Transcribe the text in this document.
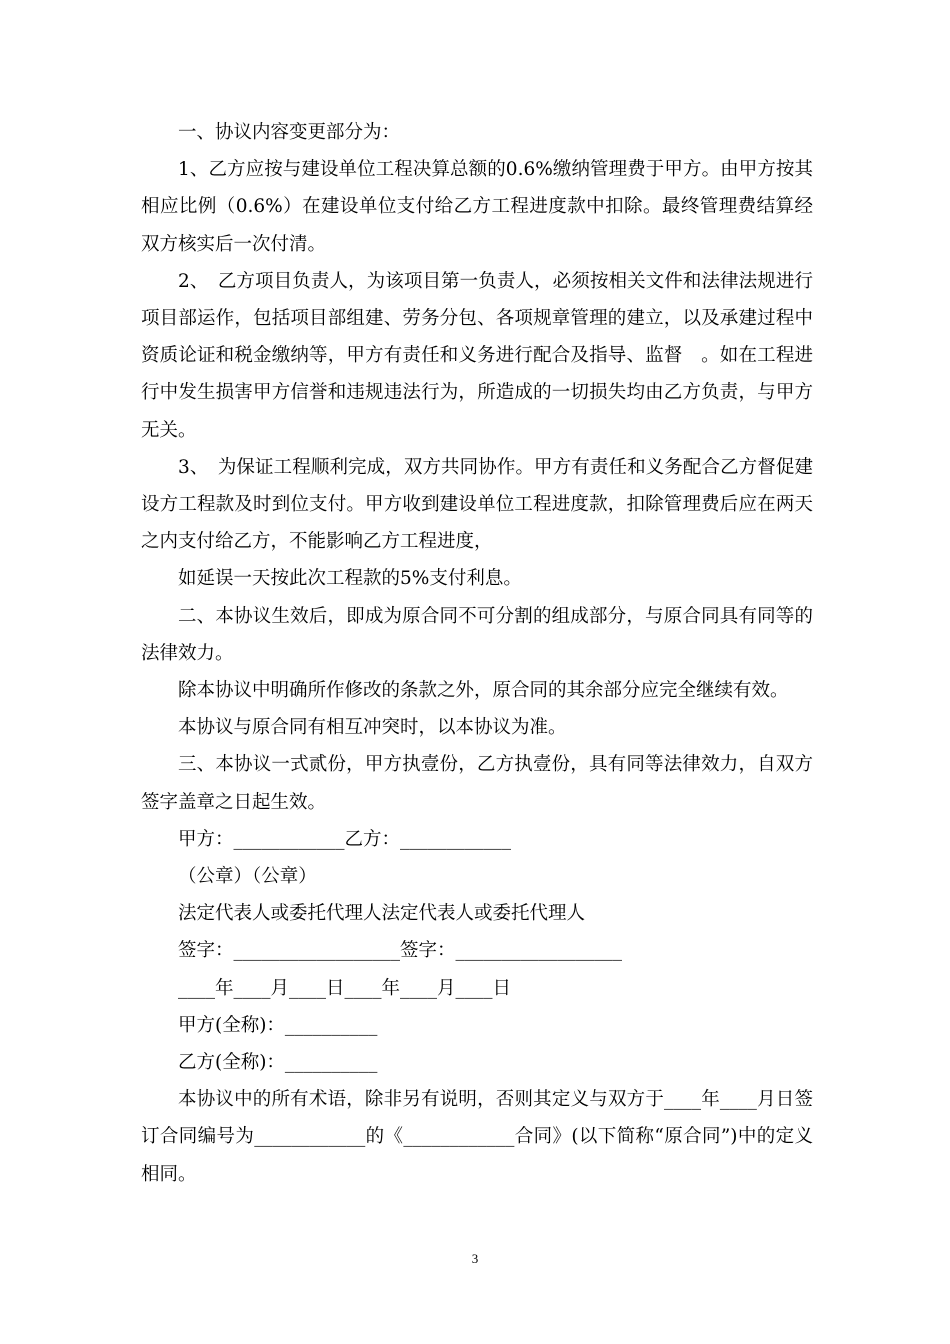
一、协议内容变更部分为：

1、乙方应按与建设单位工程决算总额的0.6%缴纳管理费于甲方。由甲方按其相应比例（0.6%）在建设单位支付给乙方工程进度款中扣除。最终管理费结算经双方核实后一次付清。

2、　乙方项目负责人，为该项目第一负责人，必须按相关文件和法律法规进行项目部运作，包括项目部组建、劳务分包、各项规章管理的建立，以及承建过程中资质论证和税金缴纳等，甲方有责任和义务进行配合及指导、监督　。如在工程进行中发生损害甲方信誉和违规违法行为，所造成的一切损失均由乙方负责，与甲方无关。

3、　为保证工程顺利完成，双方共同协作。甲方有责任和义务配合乙方督促建设方工程款及时到位支付。甲方收到建设单位工程进度款，扣除管理费后应在两天之内支付给乙方，不能影响乙方工程进度，

如延误一天按此次工程款的5%支付利息。

二、本协议生效后，即成为原合同不可分割的组成部分，与原合同具有同等的法律效力。

除本协议中明确所作修改的条款之外，原合同的其余部分应完全继续有效。

本协议与原合同有相互冲突时，以本协议为准。

三、本协议一式贰份，甲方执壹份，乙方执壹份，具有同等法律效力，自双方签字盖章之日起生效。

甲方：____________乙方：____________

（公章）（公章）

法定代表人或委托代理人法定代表人或委托代理人

签字：__________________签字：__________________

____年____月____日____年____月____日

甲方(全称)：__________

乙方(全称)：__________

本协议中的所有术语，除非另有说明，否则其定义与双方于____年____月日签订合同编号为____________的《____________合同》(以下简称“原合同”)中的定义相同。

3
